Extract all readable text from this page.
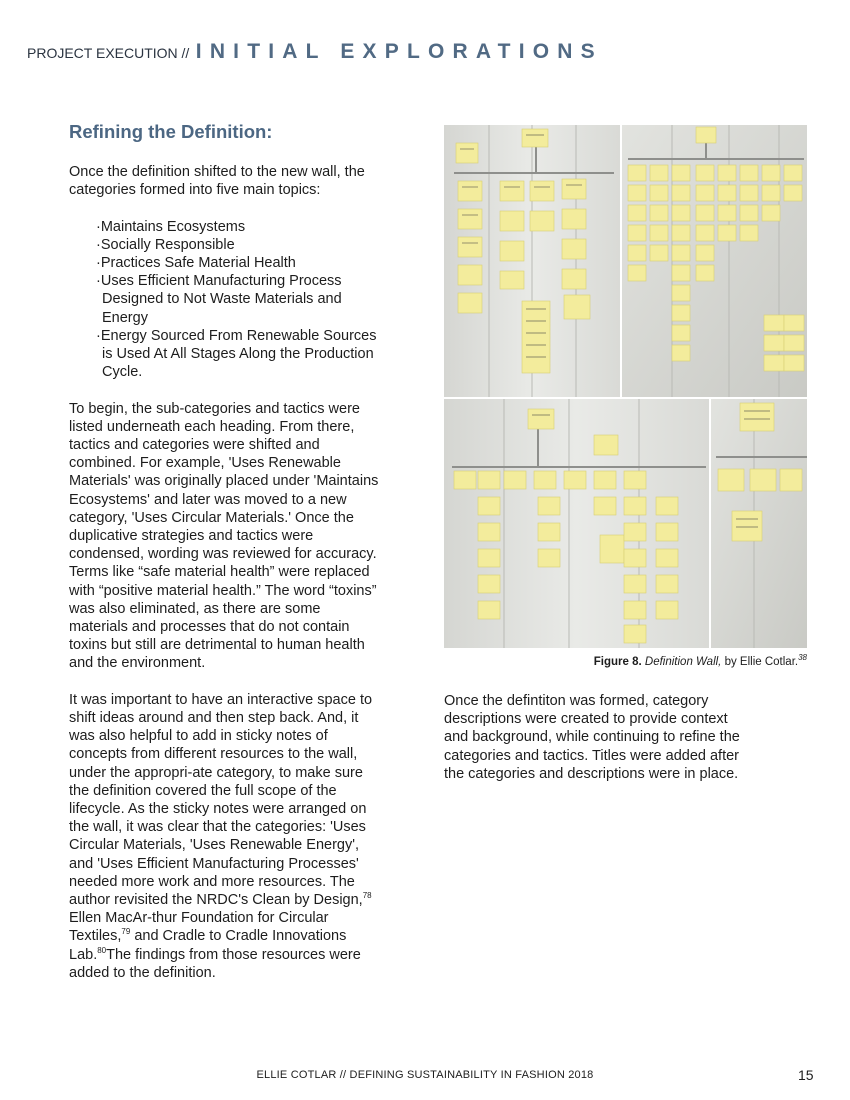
PROJECT EXECUTION // INITIAL EXPLORATIONS
Refining the Definition:

Once the definition shifted to the new wall, the categories formed into five main topics:

· Maintains Ecosystems
· Socially Responsible
· Practices Safe Material Health
· Uses Efficient Manufacturing Process Designed to Not Waste Materials and Energy
· Energy Sourced From Renewable Sources is Used At All Stages Along the Production Cycle.

To begin, the sub-categories and tactics were listed underneath each heading. From there, tactics and categories were shifted and combined. For example, 'Uses Renewable Materials' was originally placed under 'Maintains Ecosystems' and later was moved to a new category, 'Uses Circular Materials.' Once the duplicative strategies and tactics were condensed, wording was reviewed for accuracy. Terms like “safe material health” were replaced with “positive material health.” The word “toxins” was also eliminated, as there are some materials and processes that do not contain toxins but still are detrimental to human health and the environment.

It was important to have an interactive space to shift ideas around and then step back. And, it was also helpful to add in sticky notes of concepts from different resources to the wall, under the appropri-ate category, to make sure the definition covered the full scope of the lifecycle. As the sticky notes were arranged on the wall, it was clear that the categories: 'Uses Circular Materials, 'Uses Renewable Energy', and 'Uses Efficient Manufacturing Processes' needed more work and more resources. The author revisited the NRDC's Clean by Design,$^{78}$ Ellen MacAr-thur Foundation for Circular Textiles,$^{79}$ and Cradle to Cradle Innovations Lab.$^{80}$The findings from those resources were added to the definition.

Figure 8. Definition Wall, by Ellie Cotlar.$^{38}$

Once the defintiton was formed, category descriptions were created to provide context and background, while continuing to refine the categories and tactics. Titles were added after the categories and descriptions were in place.

ELLIE COTLAR // DEFINING SUSTAINABILITY IN FASHION 2018	15
